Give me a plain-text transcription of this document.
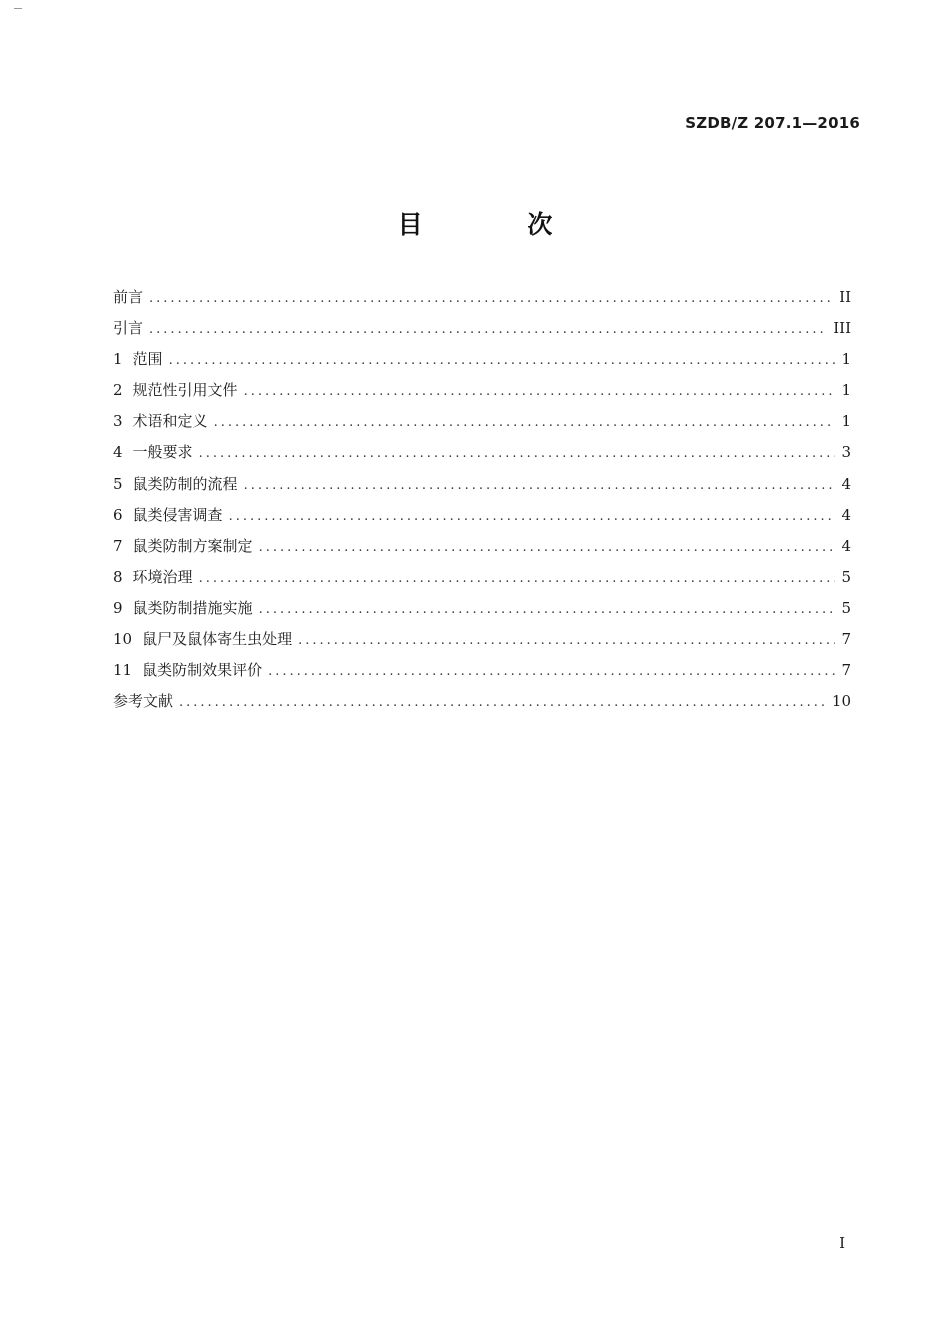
SZDB/Z 207.1—2016
目 次
前言 .....	II
引言 .....	III
1 范围 .....	1
2 规范性引用文件 .....	1
3 术语和定义 .....	1
4 一般要求 .....	3
5 鼠类防制的流程 .....	4
6 鼠类侵害调查 .....	4
7 鼠类防制方案制定 .....	4
8 环境治理 .....	5
9 鼠类防制措施实施 .....	5
10 鼠尸及鼠体寄生虫处理 .....	7
11 鼠类防制效果评价 .....	7
参考文献 .....	10
I
